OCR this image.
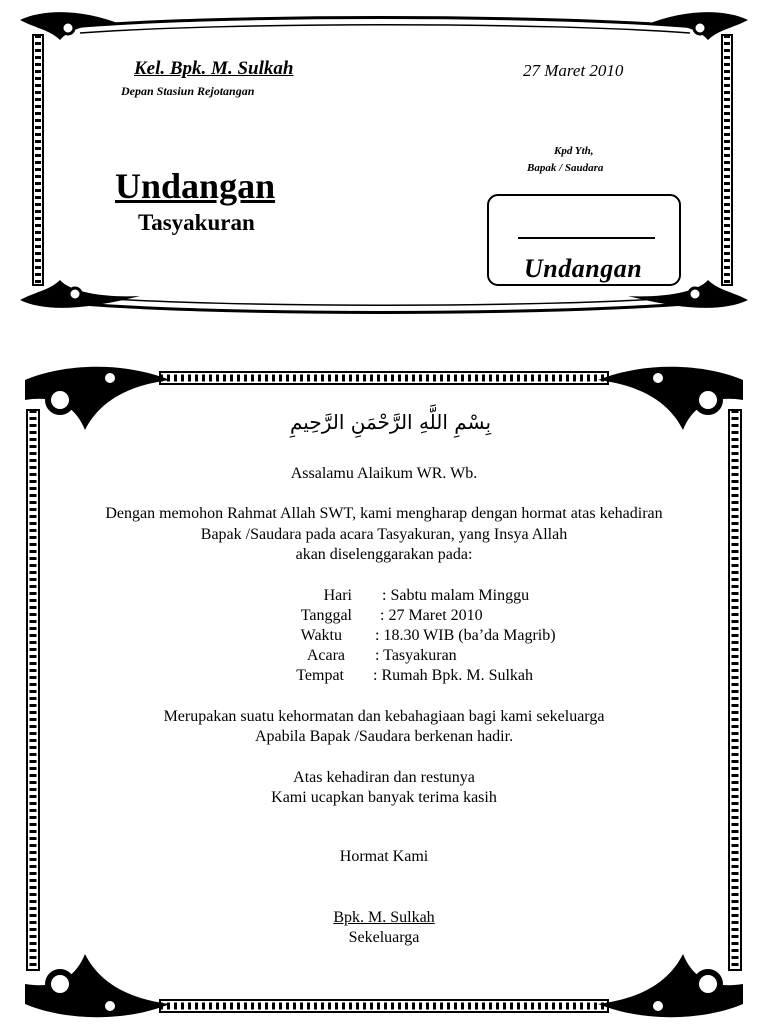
Kel. Bpk. M. Sulkah
Depan Stasiun Rejotangan
27 Maret 2010
Kpd Yth,
Bapak / Saudara
Undangan
Tasyakuran
Undangan
بِسْمِ اللَّهِ الرَّحْمَنِ الرَّحِيمِ
Assalamu Alaikum WR. Wb.
Dengan memohon Rahmat Allah SWT, kami mengharap dengan hormat atas kehadiran
Bapak /Saudara pada acara Tasyakuran, yang Insya Allah
akan diselenggarakan pada:
Hari : Sabtu malam Minggu
Tanggal : 27 Maret 2010
Waktu : 18.30 WIB (ba’da Magrib)
Acara : Tasyakuran
Tempat : Rumah Bpk. M. Sulkah
Merupakan suatu kehormatan dan kebahagiaan bagi kami sekeluarga
Apabila Bapak /Saudara berkenan hadir.
Atas kehadiran dan restunya
Kami ucapkan banyak terima kasih
Hormat Kami
Bpk. M. Sulkah
Sekeluarga
